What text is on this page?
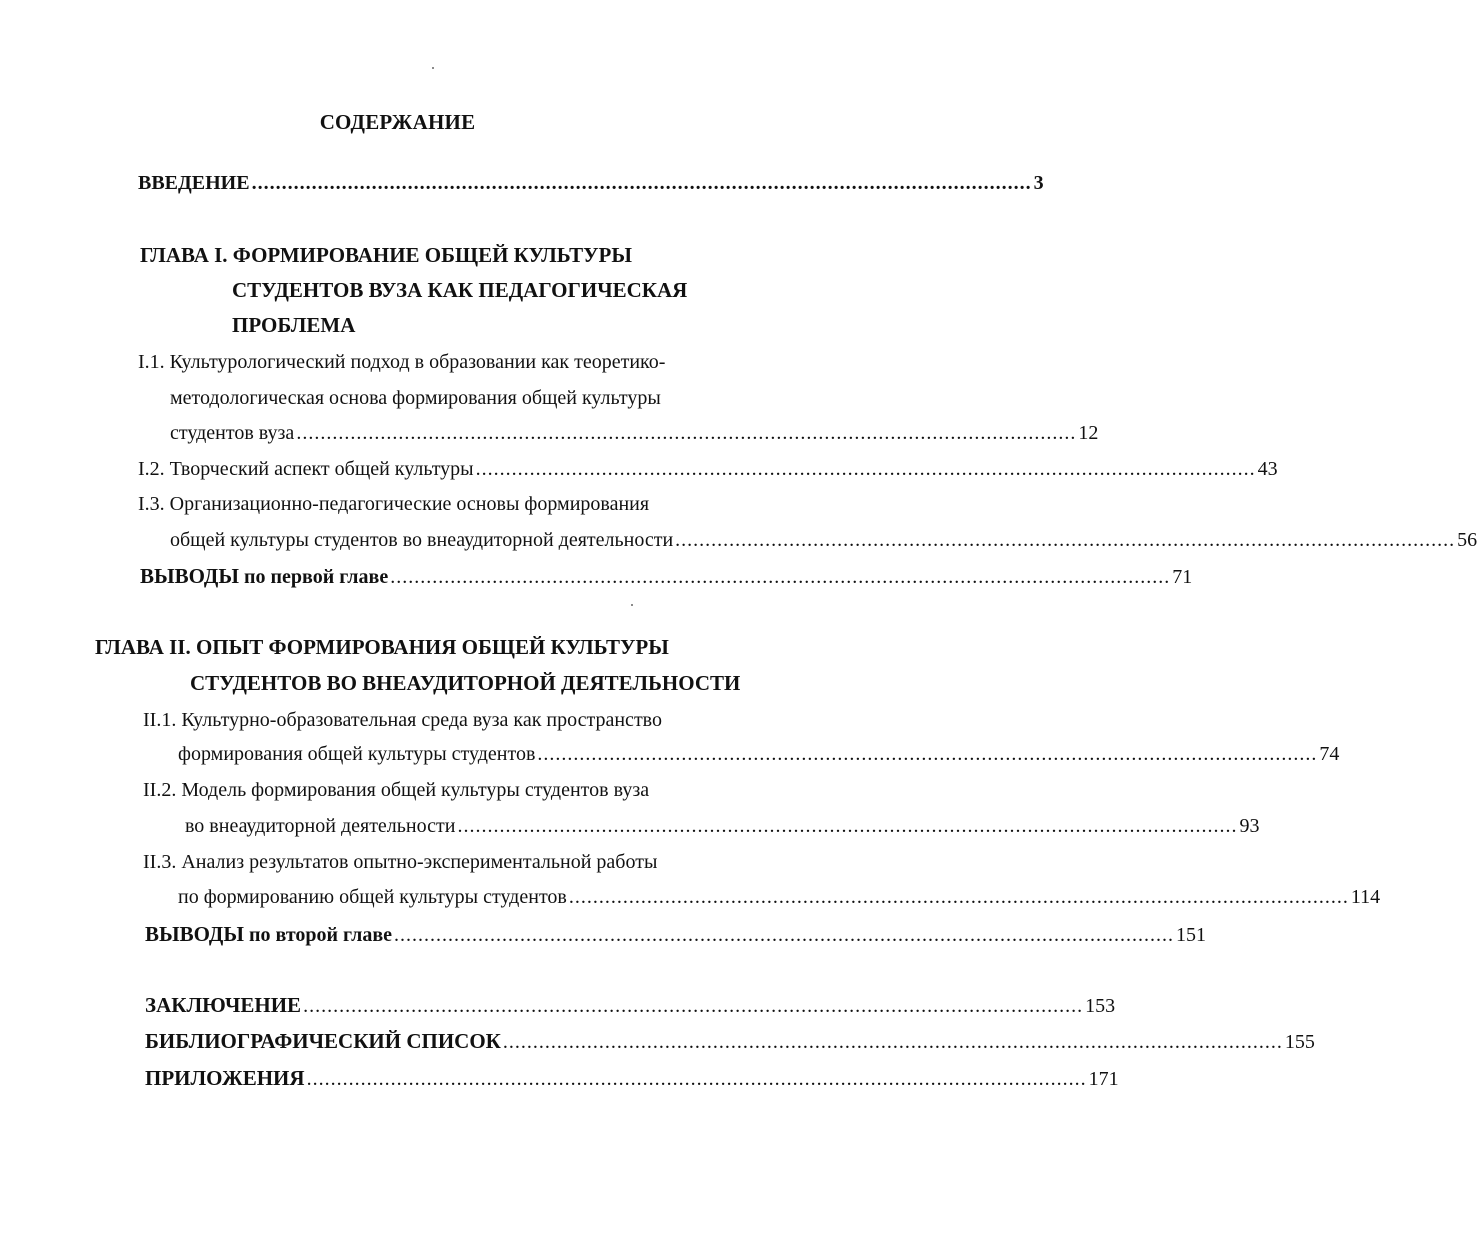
СОДЕРЖАНИЕ
ВВЕДЕНИЕ .................................................................................................................................. 3
ГЛАВА I. ФОРМИРОВАНИЕ ОБЩЕЙ КУЛЬТУРЫ
СТУДЕНТОВ ВУЗА КАК ПЕДАГОГИЧЕСКАЯ
ПРОБЛЕМА
I.1. Культурологический подход в образовании как теоретико-
методологическая основа формирования общей культуры
студентов вуза .................................................................................................................................. 12
I.2. Творческий аспект общей культуры .................................................................................................................................. 43
I.3. Организационно-педагогические основы формирования
общей культуры студентов во внеаудиторной деятельности .................................................................................................................................. 56
ВЫВОДЫ по первой главе .................................................................................................................................. 71
ГЛАВА II. ОПЫТ ФОРМИРОВАНИЯ ОБЩЕЙ КУЛЬТУРЫ
СТУДЕНТОВ ВО ВНЕАУДИТОРНОЙ ДЕЯТЕЛЬНОСТИ
II.1. Культурно-образовательная среда вуза как пространство
формирования общей культуры студентов .................................................................................................................................. 74
II.2. Модель формирования общей культуры студентов вуза
во внеаудиторной деятельности .................................................................................................................................. 93
II.3. Анализ результатов опытно-экспериментальной работы
по формированию общей культуры студентов .................................................................................................................................. 114
ВЫВОДЫ по второй главе .................................................................................................................................. 151
ЗАКЛЮЧЕНИЕ .................................................................................................................................. 153
БИБЛИОГРАФИЧЕСКИЙ СПИСОК .................................................................................................................................. 155
ПРИЛОЖЕНИЯ .................................................................................................................................. 171
